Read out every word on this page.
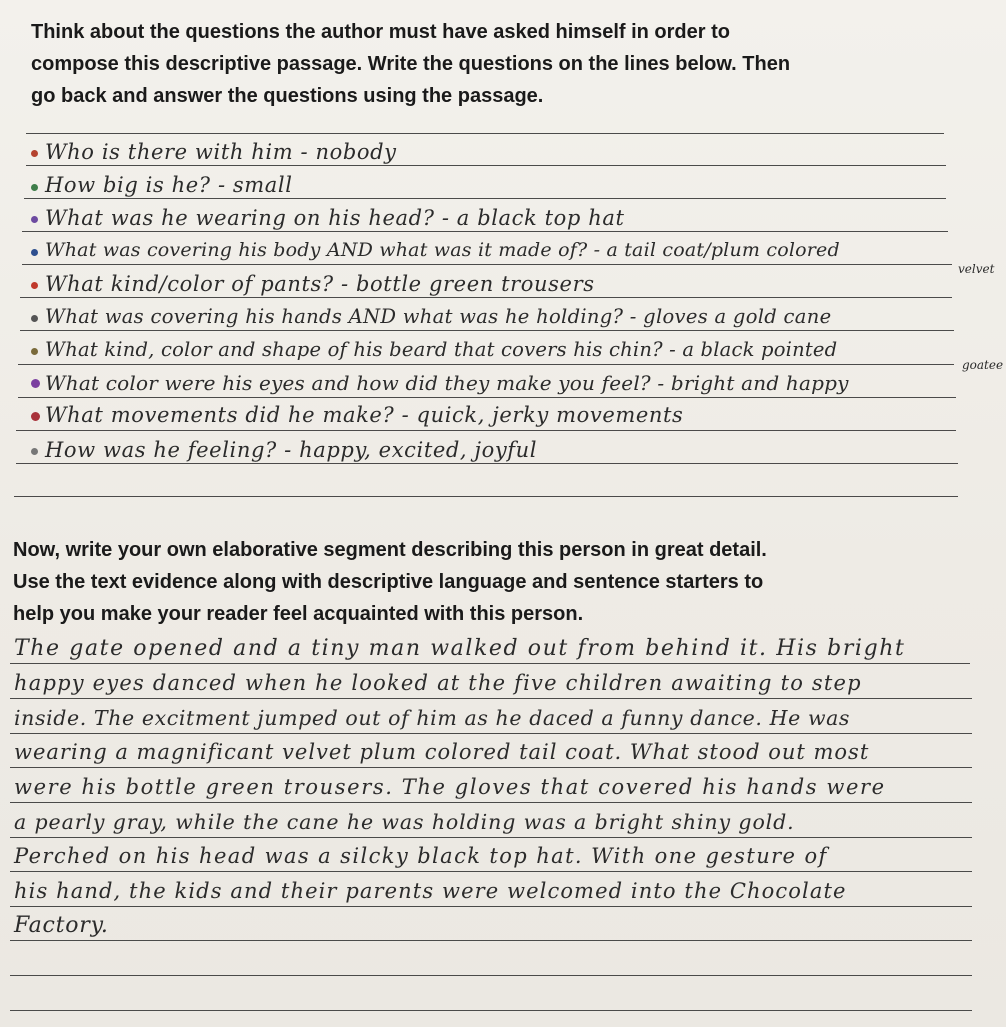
Think about the questions the author must have asked himself in order to
compose this descriptive passage. Write the questions on the lines below. Then
go back and answer the questions using the passage.
Who is there with him - nobody
How big is he? - small
What was he wearing on his head? - a black top hat
What was covering his body AND what was it made of? - a tail coat/plum colored
What kind/color of pants? - bottle green trousers
What was covering his hands AND what was he holding? - gloves a gold cane
What kind, color and shape of his beard that covers his chin? - a black pointed
What color were his eyes and how did they make you feel? - bright and happy
What movements did he make? - quick, jerky movements
How was he feeling? - happy, excited, joyful
velvet
goatee
Now, write your own elaborative segment describing this person in great detail.
Use the text evidence along with descriptive language and sentence starters to
help you make your reader feel acquainted with this person.
The gate opened and a tiny man walked out from behind it. His bright
happy eyes danced when he looked at the five children awaiting to step
inside. The excitment jumped out of him as he daced a funny dance. He was
wearing a magnificant velvet plum colored tail coat. What stood out most
were his bottle green trousers. The gloves that covered his hands were
a pearly gray, while the cane he was holding was a bright shiny gold.
Perched on his head was a silcky black top hat. With one gesture of
his hand, the kids and their parents were welcomed into the Chocolate
Factory.
